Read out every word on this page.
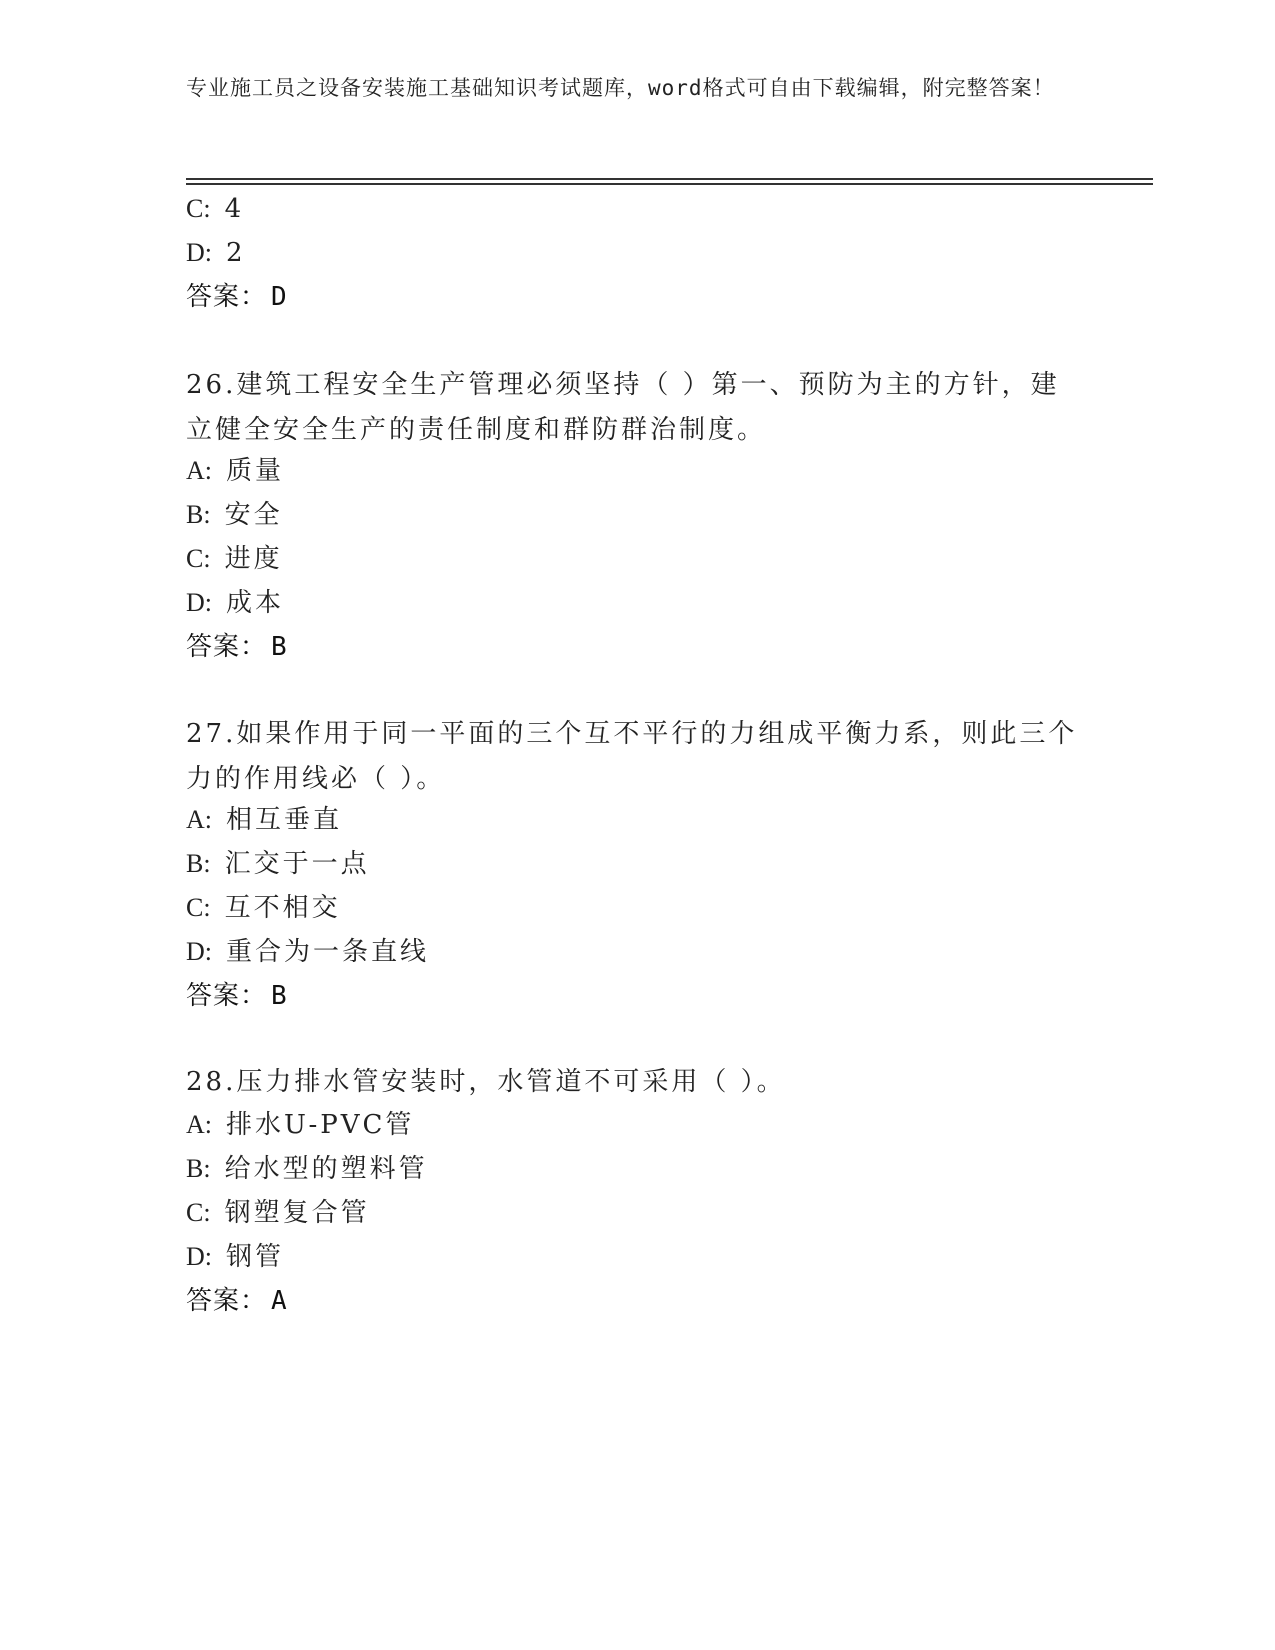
专业施工员之设备安装施工基础知识考试题库，word格式可自由下载编辑，附完整答案！
C: 4
D: 2
答案： D
26.建筑工程安全生产管理必须坚持（ ）第一、预防为主的方针，建立健全安全生产的责任制度和群防群治制度。
A: 质量
B: 安全
C: 进度
D: 成本
答案： B
27.如果作用于同一平面的三个互不平行的力组成平衡力系，则此三个力的作用线必（ ）。
A: 相互垂直
B: 汇交于一点
C: 互不相交
D: 重合为一条直线
答案： B
28.压力排水管安装时，水管道不可采用（ ）。
A: 排水U-PVC管
B: 给水型的塑料管
C: 钢塑复合管
D: 钢管
答案： A
